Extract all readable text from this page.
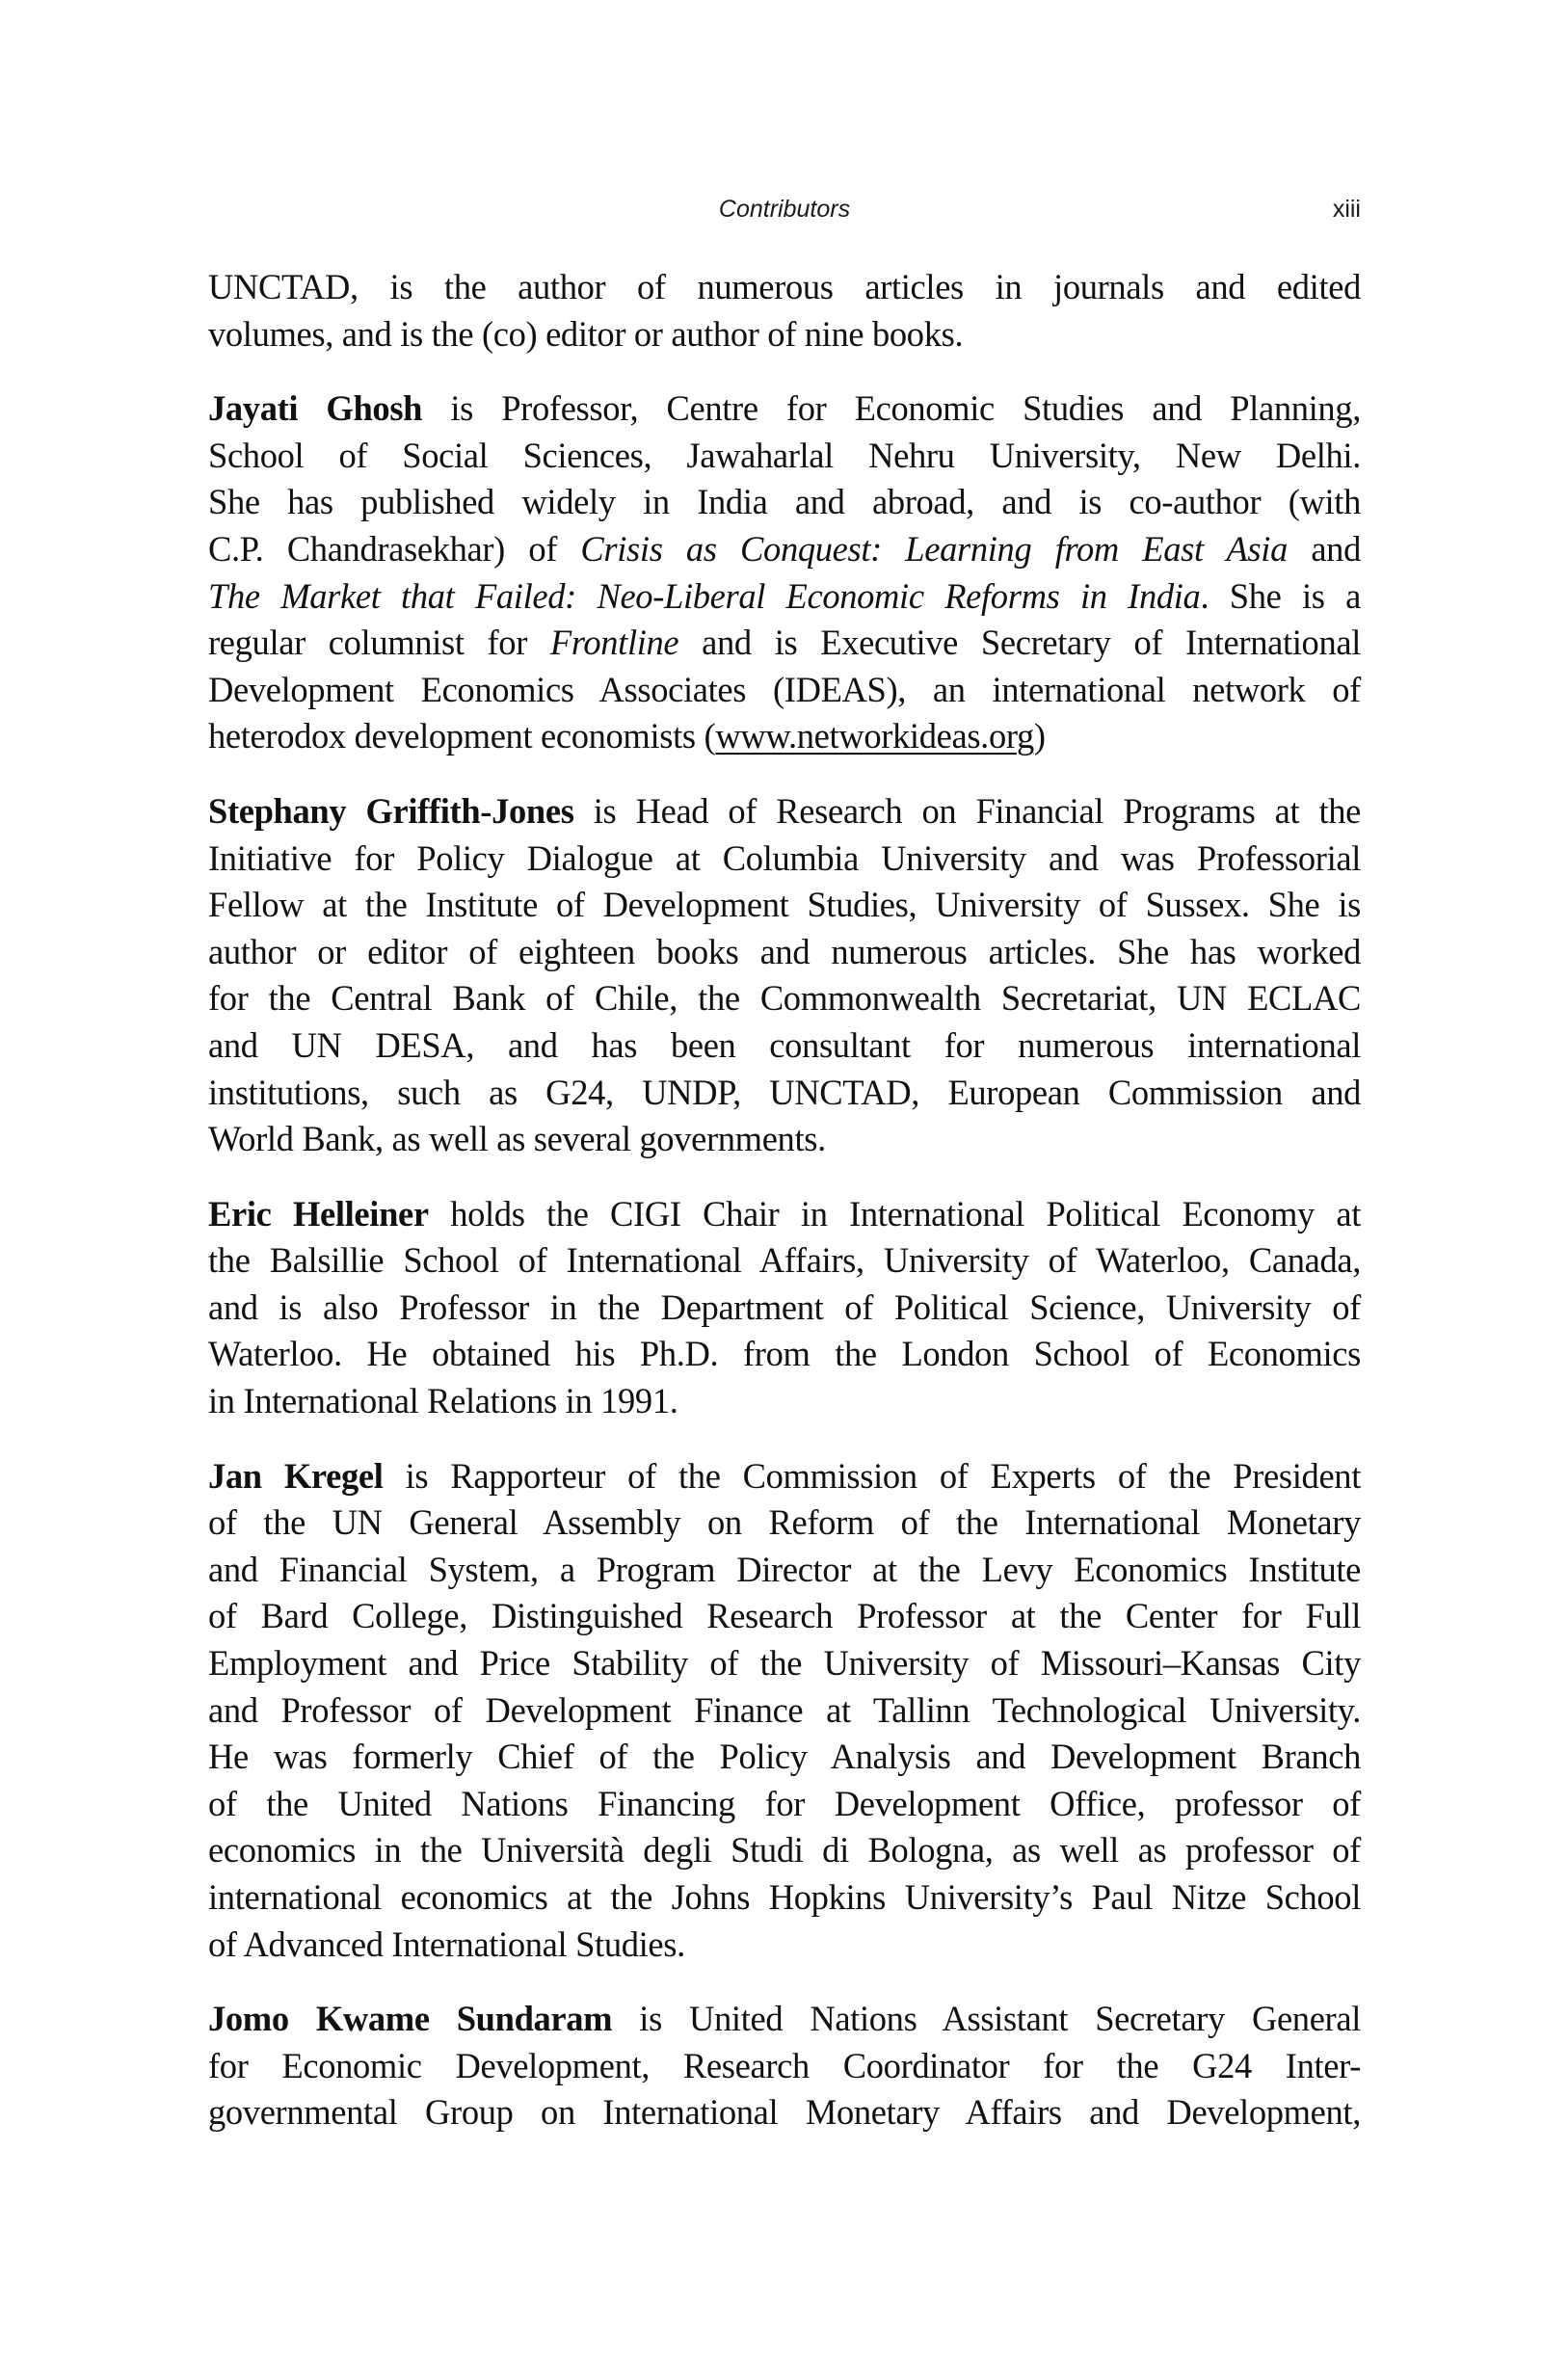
Contributors	xiii

UNCTAD, is the author of numerous articles in journals and edited
volumes, and is the (co) editor or author of nine books.

Jayati Ghosh is Professor, Centre for Economic Studies and Planning,
School of Social Sciences, Jawaharlal Nehru University, New Delhi.
She has published widely in India and abroad, and is co-author (with
C.P. Chandrasekhar) of Crisis as Conquest: Learning from East Asia and
The Market that Failed: Neo-Liberal Economic Reforms in India. She is a
regular columnist for Frontline and is Executive Secretary of International
Development Economics Associates (IDEAS), an international network of
heterodox development economists (www.networkideas.org)

Stephany Griffith-Jones is Head of Research on Financial Programs at the
Initiative for Policy Dialogue at Columbia University and was Professorial
Fellow at the Institute of Development Studies, University of Sussex. She is
author or editor of eighteen books and numerous articles. She has worked
for the Central Bank of Chile, the Commonwealth Secretariat, UN ECLAC
and UN DESA, and has been consultant for numerous international
institutions, such as G24, UNDP, UNCTAD, European Commission and
World Bank, as well as several governments.

Eric Helleiner holds the CIGI Chair in International Political Economy at
the Balsillie School of International Affairs, University of Waterloo, Canada,
and is also Professor in the Department of Political Science, University of
Waterloo. He obtained his Ph.D. from the London School of Economics
in International Relations in 1991.

Jan Kregel is Rapporteur of the Commission of Experts of the President
of the UN General Assembly on Reform of the International Monetary
and Financial System, a Program Director at the Levy Economics Institute
of Bard College, Distinguished Research Professor at the Center for Full
Employment and Price Stability of the University of Missouri–Kansas City
and Professor of Development Finance at Tallinn Technological University.
He was formerly Chief of the Policy Analysis and Development Branch
of the United Nations Financing for Development Office, professor of
economics in the Università degli Studi di Bologna, as well as professor of
international economics at the Johns Hopkins University’s Paul Nitze School
of Advanced International Studies.

Jomo Kwame Sundaram is United Nations Assistant Secretary General
for Economic Development, Research Coordinator for the G24 Inter-
governmental Group on International Monetary Affairs and Development,
